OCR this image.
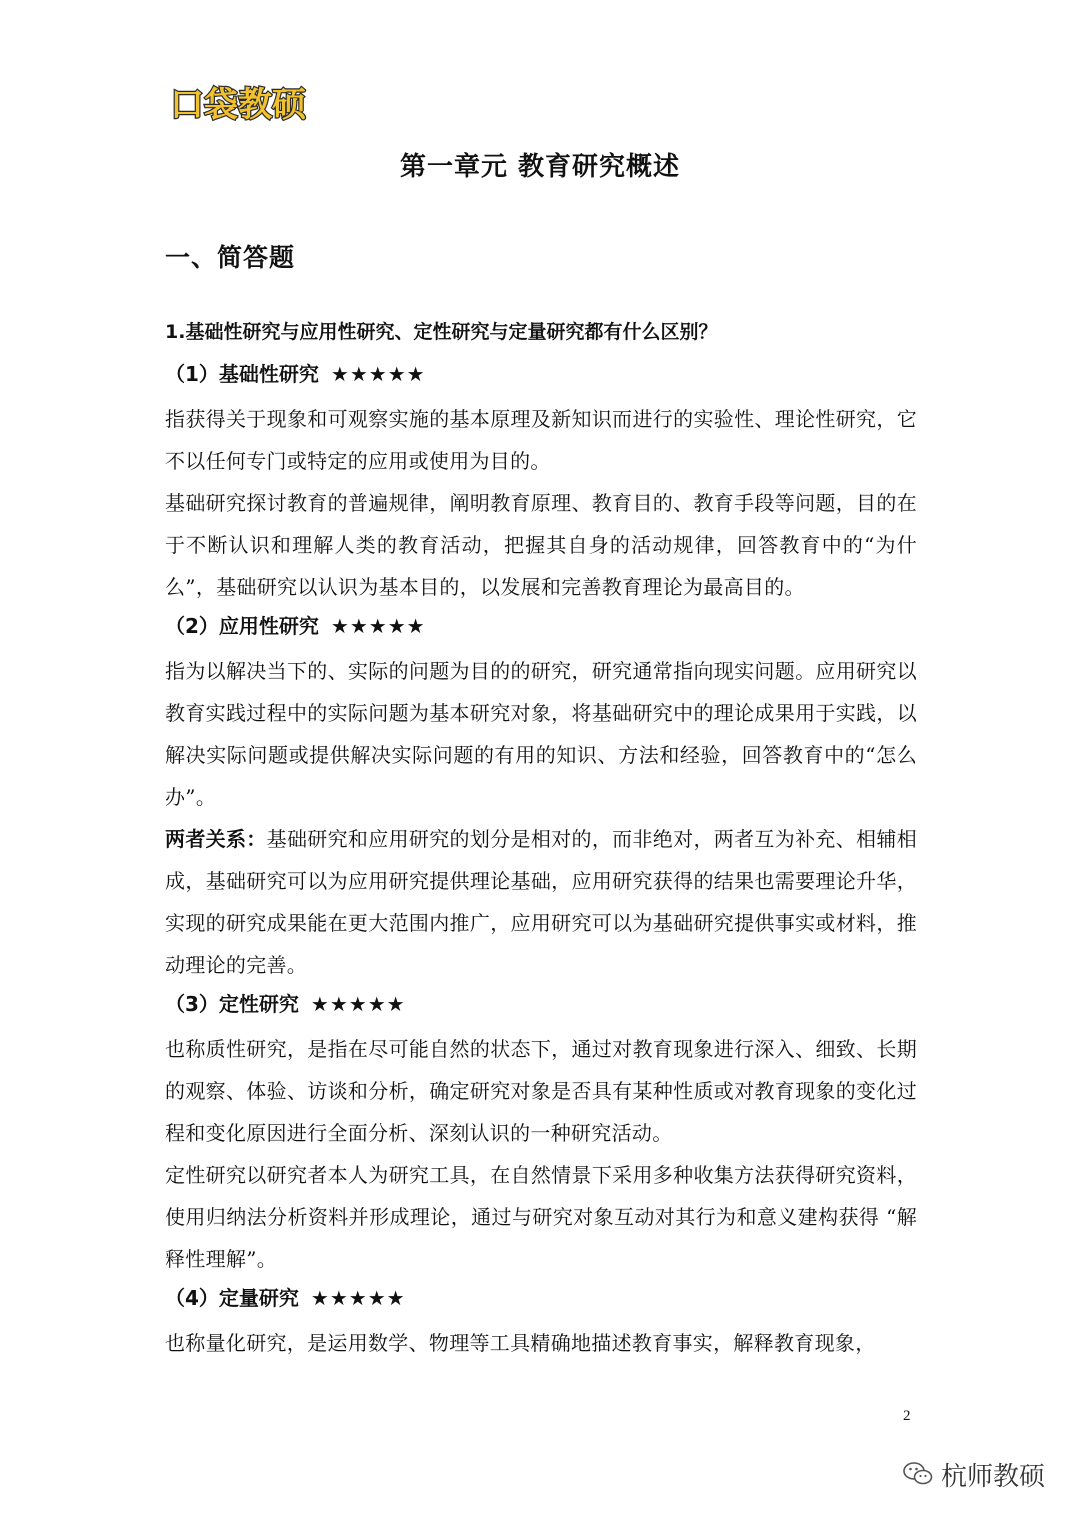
口袋教硕
第一章元 教育研究概述
一、简答题
1.基础性研究与应用性研究、定性研究与定量研究都有什么区别？
（1）基础性研究 ★★★★★

指获得关于现象和可观察实施的基本原理及新知识而进行的实验性、理论性研究，它不以任何专门或特定的应用或使用为目的。

基础研究探讨教育的普遍规律，阐明教育原理、教育目的、教育手段等问题，目的在于不断认识和理解人类的教育活动，把握其自身的活动规律，回答教育中的“为什么”，基础研究以认识为基本目的，以发展和完善教育理论为最高目的。

（2）应用性研究 ★★★★★

指为以解决当下的、实际的问题为目的的研究，研究通常指向现实问题。应用研究以教育实践过程中的实际问题为基本研究对象，将基础研究中的理论成果用于实践，以解决实际问题或提供解决实际问题的有用的知识、方法和经验，回答教育中的“怎么办”。

两者关系：基础研究和应用研究的划分是相对的，而非绝对，两者互为补充、相辅相成，基础研究可以为应用研究提供理论基础，应用研究获得的结果也需要理论升华，实现的研究成果能在更大范围内推广，应用研究可以为基础研究提供事实或材料，推动理论的完善。

（3）定性研究 ★★★★★

也称质性研究，是指在尽可能自然的状态下，通过对教育现象进行深入、细致、长期的观察、体验、访谈和分析，确定研究对象是否具有某种性质或对教育现象的变化过程和变化原因进行全面分析、深刻认识的一种研究活动。

定性研究以研究者本人为研究工具，在自然情景下采用多种收集方法获得研究资料，使用归纳法分析资料并形成理论，通过与研究对象互动对其行为和意义建构获得 “解释性理解”。

（4）定量研究 ★★★★★

也称量化研究，是运用数学、物理等工具精确地描述教育事实，解释教育现象，

2
杭师教硕
